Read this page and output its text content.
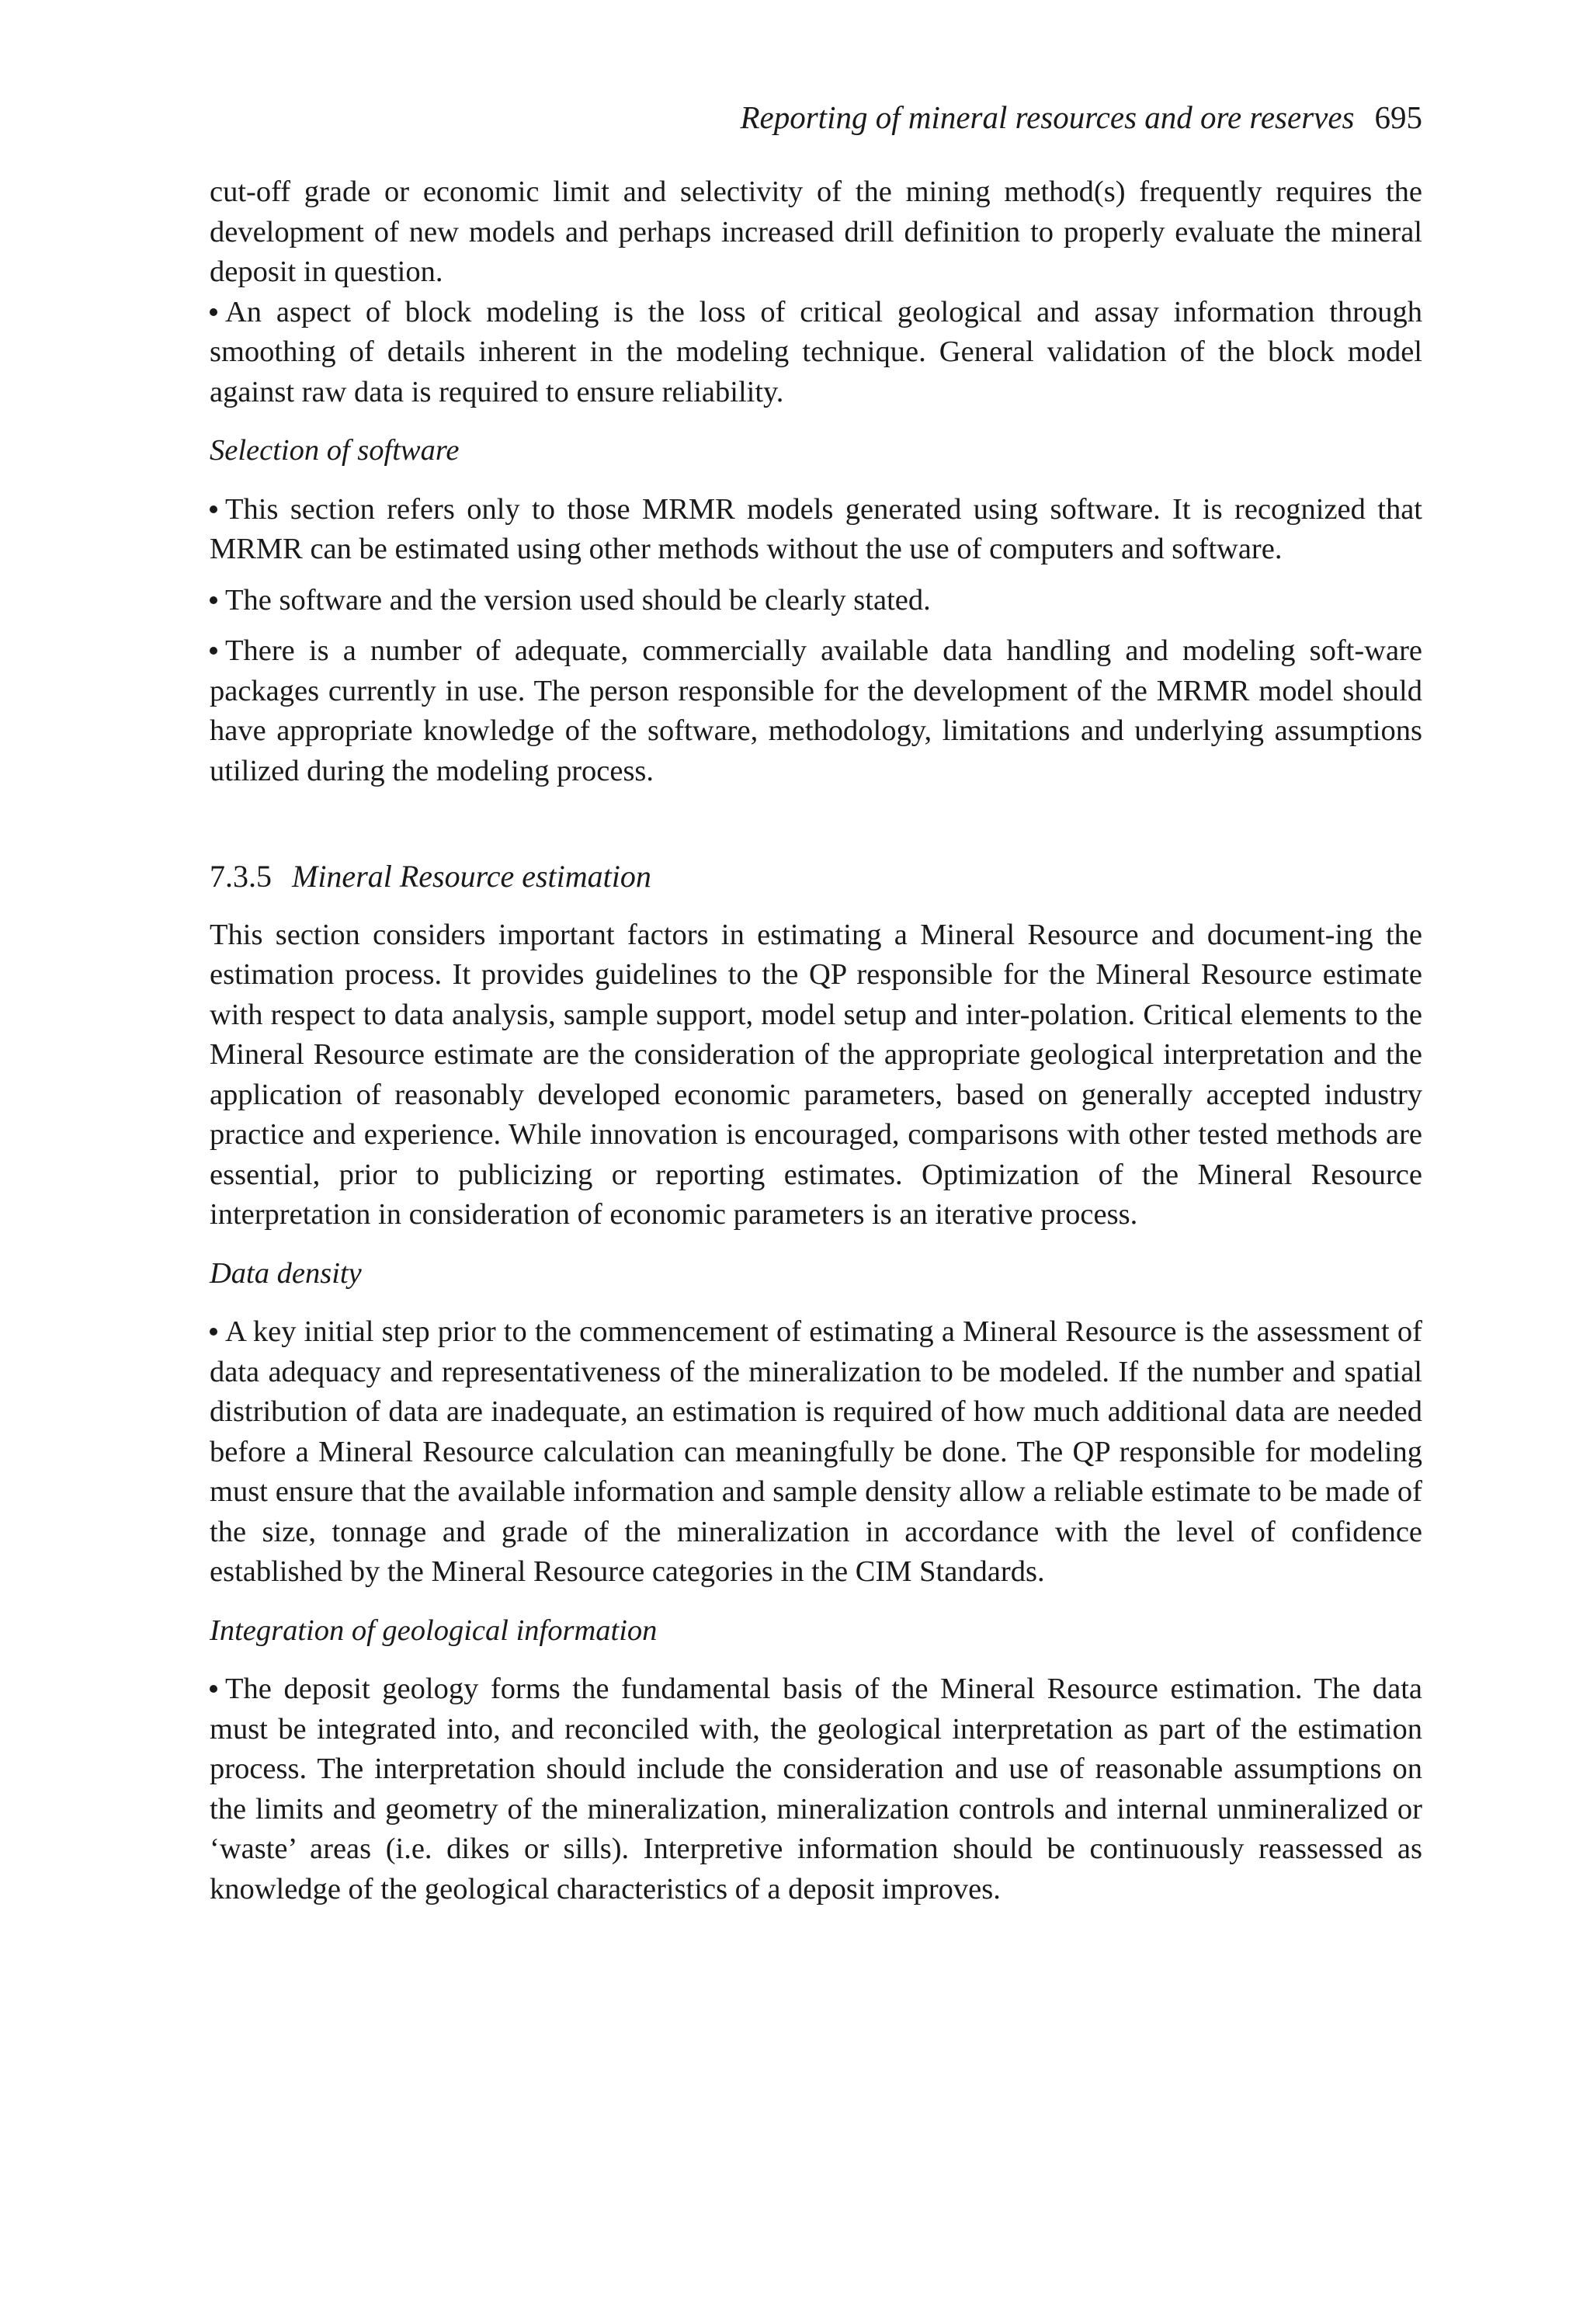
Reporting of mineral resources and ore reserves 695

cut-off grade or economic limit and selectivity of the mining method(s) frequently requires the development of new models and perhaps increased drill definition to properly evaluate the mineral deposit in question.

An aspect of block modeling is the loss of critical geological and assay information through smoothing of details inherent in the modeling technique. General validation of the block model against raw data is required to ensure reliability.

Selection of software

This section refers only to those MRMR models generated using software. It is recognized that MRMR can be estimated using other methods without the use of computers and software.

The software and the version used should be clearly stated.

There is a number of adequate, commercially available data handling and modeling soft-ware packages currently in use. The person responsible for the development of the MRMR model should have appropriate knowledge of the software, methodology, limitations and underlying assumptions utilized during the modeling process.

7.3.5 Mineral Resource estimation

This section considers important factors in estimating a Mineral Resource and document-ing the estimation process. It provides guidelines to the QP responsible for the Mineral Resource estimate with respect to data analysis, sample support, model setup and inter-polation. Critical elements to the Mineral Resource estimate are the consideration of the appropriate geological interpretation and the application of reasonably developed economic parameters, based on generally accepted industry practice and experience. While innovation is encouraged, comparisons with other tested methods are essential, prior to publicizing or reporting estimates. Optimization of the Mineral Resource interpretation in consideration of economic parameters is an iterative process.

Data density

A key initial step prior to the commencement of estimating a Mineral Resource is the assessment of data adequacy and representativeness of the mineralization to be modeled. If the number and spatial distribution of data are inadequate, an estimation is required of how much additional data are needed before a Mineral Resource calculation can meaningfully be done. The QP responsible for modeling must ensure that the available information and sample density allow a reliable estimate to be made of the size, tonnage and grade of the mineralization in accordance with the level of confidence established by the Mineral Resource categories in the CIM Standards.

Integration of geological information

The deposit geology forms the fundamental basis of the Mineral Resource estimation. The data must be integrated into, and reconciled with, the geological interpretation as part of the estimation process. The interpretation should include the consideration and use of reasonable assumptions on the limits and geometry of the mineralization, mineralization controls and internal unmineralized or ‘waste’ areas (i.e. dikes or sills). Interpretive information should be continuously reassessed as knowledge of the geological characteristics of a deposit improves.
